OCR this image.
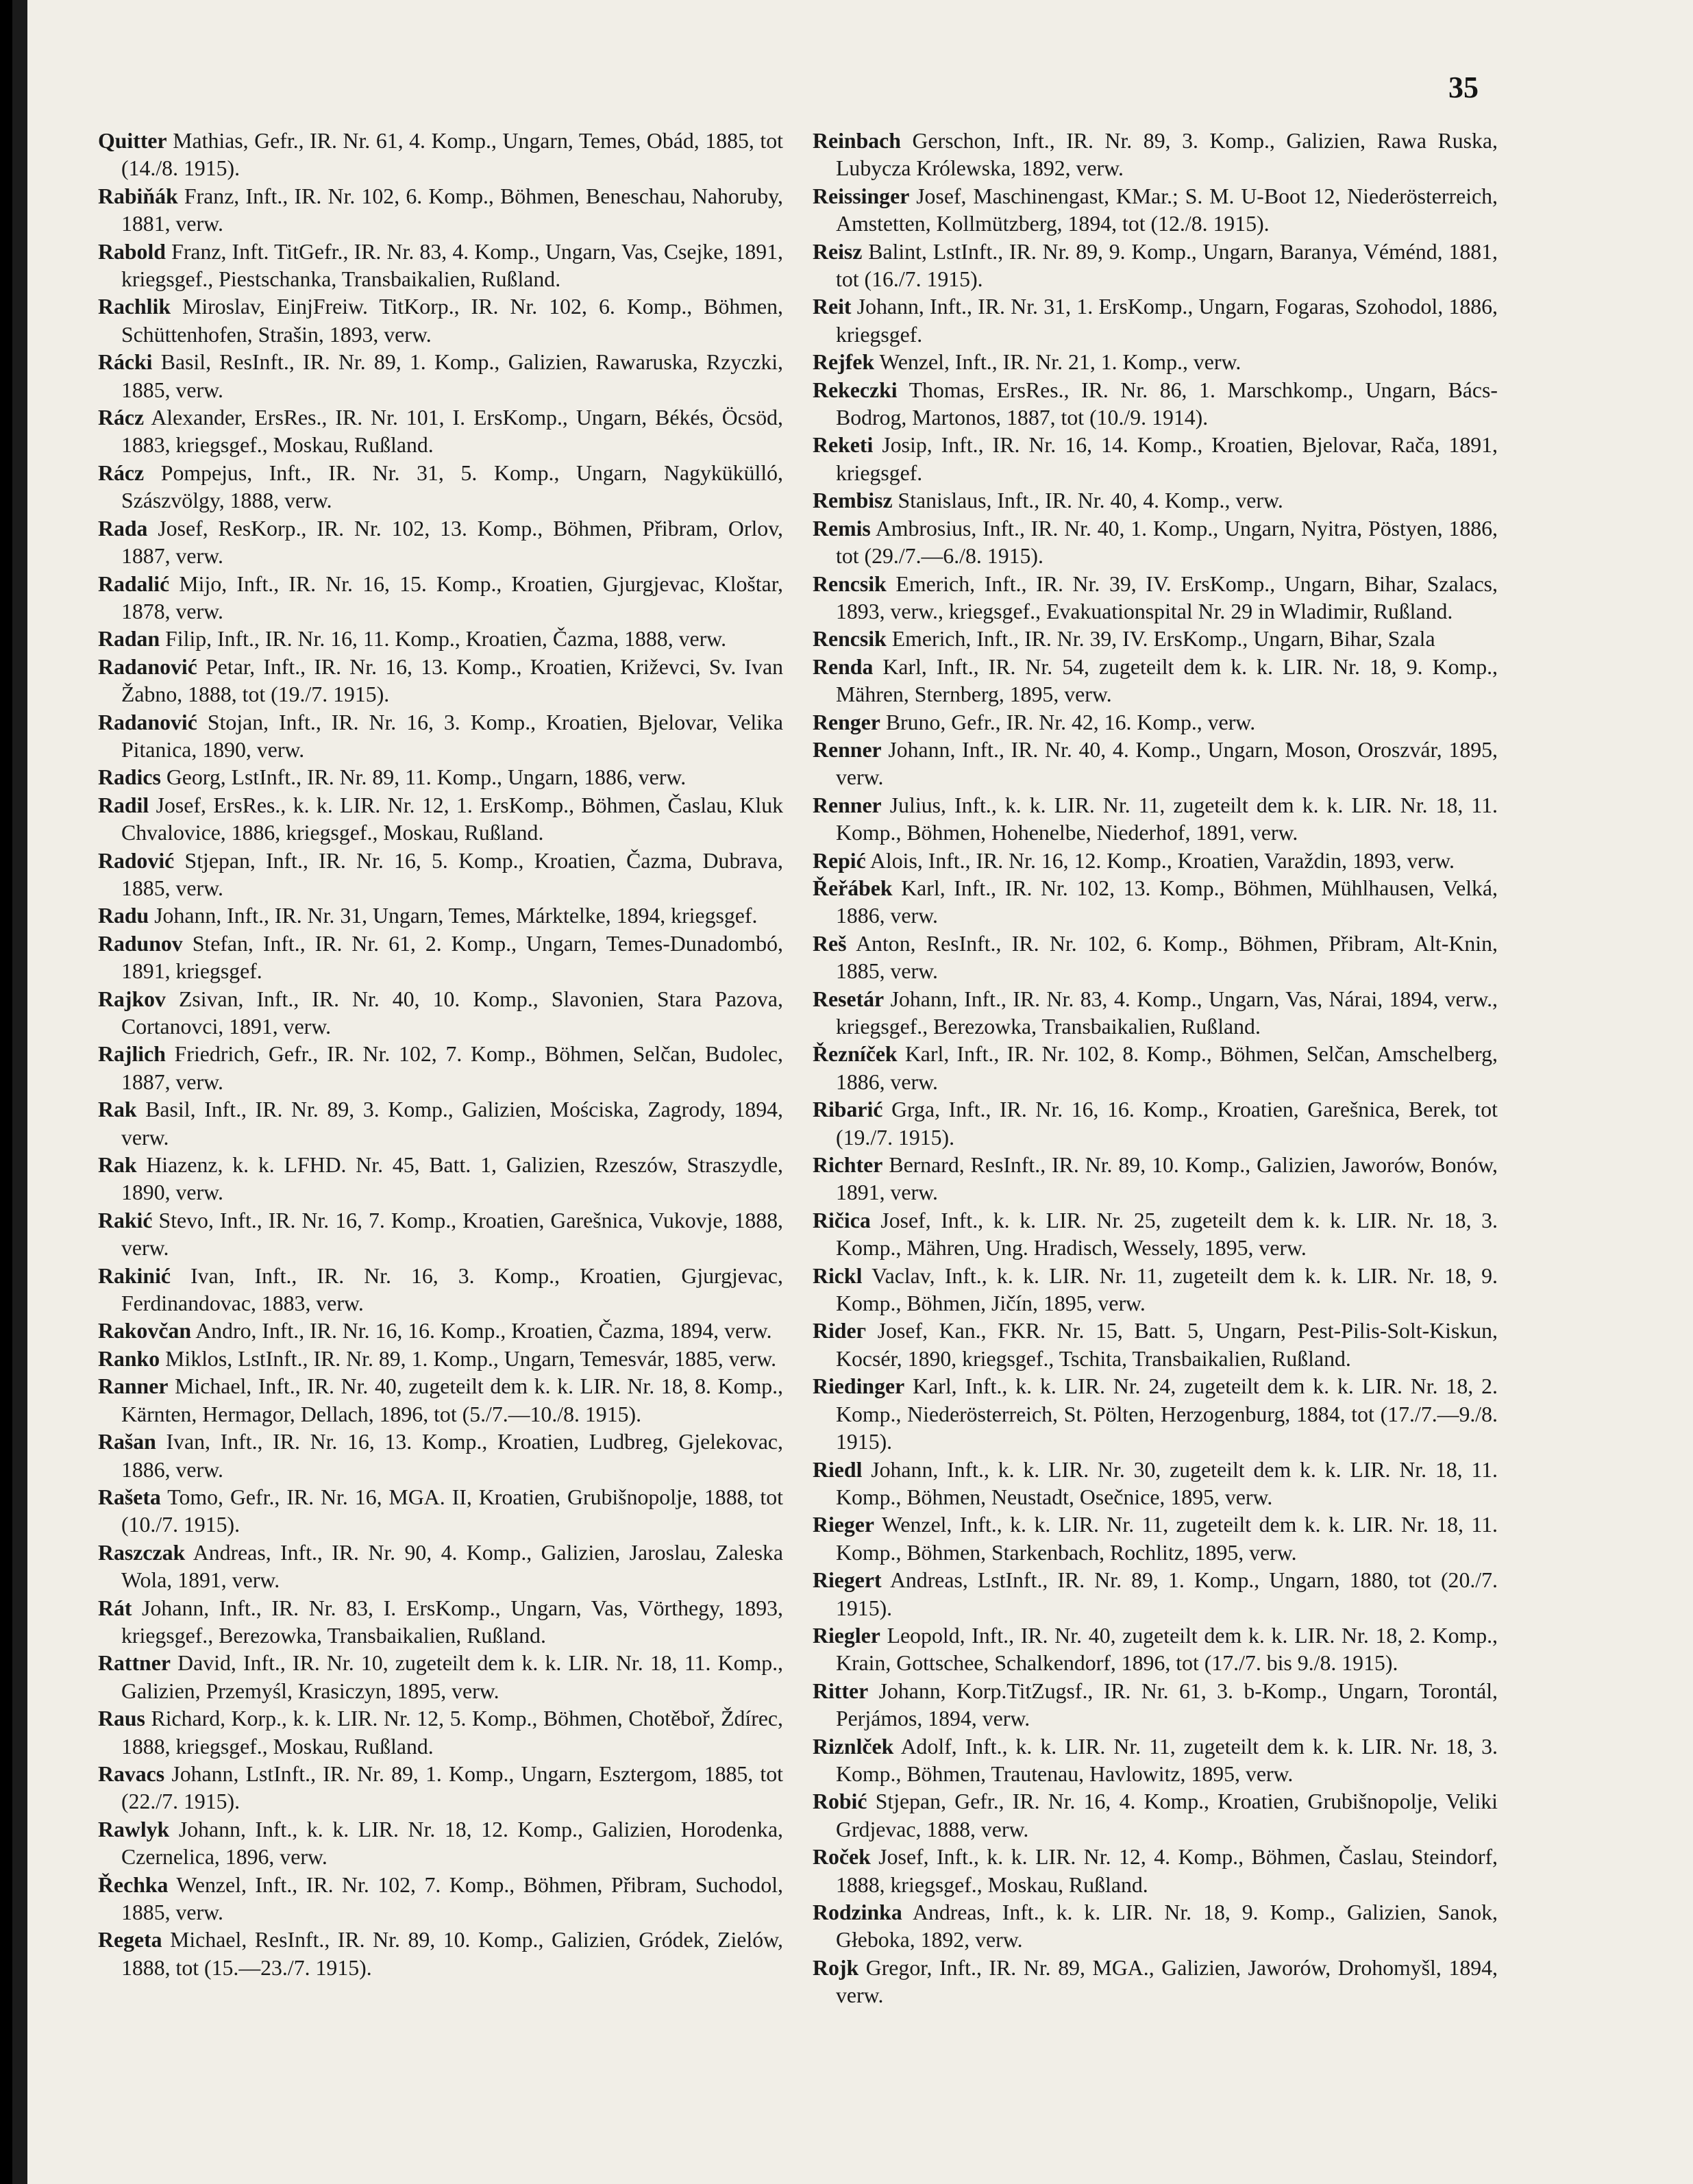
35

Quitter Mathias, Gefr., IR. Nr. 61, 4. Komp., Ungarn, Temes, Obád, 1885, tot (14./8. 1915).

Rabiňák Franz, Inft., IR. Nr. 102, 6. Komp., Böhmen, Beneschau, Nahoruby, 1881, verw.

Rabold Franz, Inft. TitGefr., IR. Nr. 83, 4. Komp., Ungarn, Vas, Csejke, 1891, kriegsgef., Piestschanka, Transbaikalien, Rußland.

Rachlik Miroslav, EinjFreiw. TitKorp., IR. Nr. 102, 6. Komp., Böhmen, Schüttenhofen, Strašin, 1893, verw.

Rácki Basil, ResInft., IR. Nr. 89, 1. Komp., Galizien, Rawaruska, Rzyczki, 1885, verw.

Rácz Alexander, ErsRes., IR. Nr. 101, I. ErsKomp., Ungarn, Békés, Öcsöd, 1883, kriegsgef., Moskau, Rußland.

Rácz Pompejus, Inft., IR. Nr. 31, 5. Komp., Ungarn, Nagykükülló, Szászvölgy, 1888, verw.

Rada Josef, ResKorp., IR. Nr. 102, 13. Komp., Böhmen, Přibram, Orlov, 1887, verw.

Radalić Mijo, Inft., IR. Nr. 16, 15. Komp., Kroatien, Gjurgjevac, Kloštar, 1878, verw.

Radan Filip, Inft., IR. Nr. 16, 11. Komp., Kroatien, Čazma, 1888, verw.

Radanović Petar, Inft., IR. Nr. 16, 13. Komp., Kroatien, Križevci, Sv. Ivan Žabno, 1888, tot (19./7. 1915).

Radanović Stojan, Inft., IR. Nr. 16, 3. Komp., Kroatien, Bjelovar, Velika Pitanica, 1890, verw.

Radics Georg, LstInft., IR. Nr. 89, 11. Komp., Ungarn, 1886, verw.

Radil Josef, ErsRes., k. k. LIR. Nr. 12, 1. ErsKomp., Böhmen, Časlau, Kluk Chvalovice, 1886, kriegsgef., Moskau, Rußland.

Radović Stjepan, Inft., IR. Nr. 16, 5. Komp., Kroatien, Čazma, Dubrava, 1885, verw.

Radu Johann, Inft., IR. Nr. 31, Ungarn, Temes, Márktelke, 1894, kriegsgef.

Radunov Stefan, Inft., IR. Nr. 61, 2. Komp., Ungarn, Temes-Dunadombó, 1891, kriegsgef.

Rajkov Zsivan, Inft., IR. Nr. 40, 10. Komp., Slavonien, Stara Pazova, Cortanovci, 1891, verw.

Rajlich Friedrich, Gefr., IR. Nr. 102, 7. Komp., Böhmen, Selčan, Budolec, 1887, verw.

Rak Basil, Inft., IR. Nr. 89, 3. Komp., Galizien, Mościska, Zagrody, 1894, verw.

Rak Hiazenz, k. k. LFHD. Nr. 45, Batt. 1, Galizien, Rzeszów, Straszydle, 1890, verw.

Rakić Stevo, Inft., IR. Nr. 16, 7. Komp., Kroatien, Garešnica, Vukovje, 1888, verw.

Rakinić Ivan, Inft., IR. Nr. 16, 3. Komp., Kroatien, Gjurgjevac, Ferdinandovac, 1883, verw.

Rakovčan Andro, Inft., IR. Nr. 16, 16. Komp., Kroatien, Čazma, 1894, verw.

Ranko Miklos, LstInft., IR. Nr. 89, 1. Komp., Ungarn, Temesvár, 1885, verw.

Ranner Michael, Inft., IR. Nr. 40, zugeteilt dem k. k. LIR. Nr. 18, 8. Komp., Kärnten, Hermagor, Dellach, 1896, tot (5./7.—10./8. 1915).

Rašan Ivan, Inft., IR. Nr. 16, 13. Komp., Kroatien, Ludbreg, Gjelekovac, 1886, verw.

Rašeta Tomo, Gefr., IR. Nr. 16, MGA. II, Kroatien, Grubišnopolje, 1888, tot (10./7. 1915).

Raszczak Andreas, Inft., IR. Nr. 90, 4. Komp., Galizien, Jaroslau, Zaleska Wola, 1891, verw.

Rát Johann, Inft., IR. Nr. 83, I. ErsKomp., Ungarn, Vas, Vörthegy, 1893, kriegsgef., Berezowka, Transbaikalien, Rußland.

Rattner David, Inft., IR. Nr. 10, zugeteilt dem k. k. LIR. Nr. 18, 11. Komp., Galizien, Przemyśl, Krasiczyn, 1895, verw.

Raus Richard, Korp., k. k. LIR. Nr. 12, 5. Komp., Böhmen, Chotěboř, Ždírec, 1888, kriegsgef., Moskau, Rußland.

Ravacs Johann, LstInft., IR. Nr. 89, 1. Komp., Ungarn, Esztergom, 1885, tot (22./7. 1915).

Rawlyk Johann, Inft., k. k. LIR. Nr. 18, 12. Komp., Galizien, Horodenka, Czernelica, 1896, verw.

Řechka Wenzel, Inft., IR. Nr. 102, 7. Komp., Böhmen, Přibram, Suchodol, 1885, verw.

Regeta Michael, ResInft., IR. Nr. 89, 10. Komp., Galizien, Gródek, Zielów, 1888, tot (15.—23./7. 1915).

Reinbach Gerschon, Inft., IR. Nr. 89, 3. Komp., Galizien, Rawa Ruska, Lubycza Królewska, 1892, verw.

Reissinger Josef, Maschinengast, KMar.; S. M. U-Boot 12, Niederösterreich, Amstetten, Kollmützberg, 1894, tot (12./8. 1915).

Reisz Balint, LstInft., IR. Nr. 89, 9. Komp., Ungarn, Baranya, Véménd, 1881, tot (16./7. 1915).

Reit Johann, Inft., IR. Nr. 31, 1. ErsKomp., Ungarn, Fogaras, Szohodol, 1886, kriegsgef.

Rejfek Wenzel, Inft., IR. Nr. 21, 1. Komp., verw.

Rekeczki Thomas, ErsRes., IR. Nr. 86, 1. Marschkomp., Ungarn, Bács-Bodrog, Martonos, 1887, tot (10./9. 1914).

Reketi Josip, Inft., IR. Nr. 16, 14. Komp., Kroatien, Bjelovar, Rača, 1891, kriegsgef.

Rembisz Stanislaus, Inft., IR. Nr. 40, 4. Komp., verw.

Remis Ambrosius, Inft., IR. Nr. 40, 1. Komp., Ungarn, Nyitra, Pöstyen, 1886, tot (29./7.—6./8. 1915).

Rencsik Emerich, Inft., IR. Nr. 39, IV. ErsKomp., Ungarn, Bihar, Szalacs, 1893, verw., kriegsgef., Evakuationspital Nr. 29 in Wladimir, Rußland.

Rencsik Emerich, Inft., IR. Nr. 39, IV. ErsKomp., Ungarn, Bihar, Szala

Renda Karl, Inft., IR. Nr. 54, zugeteilt dem k. k. LIR. Nr. 18, 9. Komp., Mähren, Sternberg, 1895, verw.

Renger Bruno, Gefr., IR. Nr. 42, 16. Komp., verw.

Renner Johann, Inft., IR. Nr. 40, 4. Komp., Ungarn, Moson, Oroszvár, 1895, verw.

Renner Julius, Inft., k. k. LIR. Nr. 11, zugeteilt dem k. k. LIR. Nr. 18, 11. Komp., Böhmen, Hohenelbe, Niederhof, 1891, verw.

Repić Alois, Inft., IR. Nr. 16, 12. Komp., Kroatien, Varaždin, 1893, verw.

Řeřábek Karl, Inft., IR. Nr. 102, 13. Komp., Böhmen, Mühlhausen, Velká, 1886, verw.

Reš Anton, ResInft., IR. Nr. 102, 6. Komp., Böhmen, Přibram, Alt-Knin, 1885, verw.

Resetár Johann, Inft., IR. Nr. 83, 4. Komp., Ungarn, Vas, Nárai, 1894, verw., kriegsgef., Berezowka, Transbaikalien, Rußland.

Řezníček Karl, Inft., IR. Nr. 102, 8. Komp., Böhmen, Selčan, Amschelberg, 1886, verw.

Ribarić Grga, Inft., IR. Nr. 16, 16. Komp., Kroatien, Garešnica, Berek, tot (19./7. 1915).

Richter Bernard, ResInft., IR. Nr. 89, 10. Komp., Galizien, Jaworów, Bonów, 1891, verw.

Ričica Josef, Inft., k. k. LIR. Nr. 25, zugeteilt dem k. k. LIR. Nr. 18, 3. Komp., Mähren, Ung. Hradisch, Wessely, 1895, verw.

Rickl Vaclav, Inft., k. k. LIR. Nr. 11, zugeteilt dem k. k. LIR. Nr. 18, 9. Komp., Böhmen, Jičín, 1895, verw.

Ridег Josef, Kan., FKR. Nr. 15, Batt. 5, Ungarn, Pest-Pilis-Solt-Kiskun, Kocsér, 1890, kriegsgef., Tschita, Transbaikalien, Rußland.

Riedinger Karl, Inft., k. k. LIR. Nr. 24, zugeteilt dem k. k. LIR. Nr. 18, 2. Komp., Niederösterreich, St. Pölten, Herzogenburg, 1884, tot (17./7.—9./8. 1915).

Riedl Johann, Inft., k. k. LIR. Nr. 30, zugeteilt dem k. k. LIR. Nr. 18, 11. Komp., Böhmen, Neustadt, Osečnice, 1895, verw.

Rieger Wenzel, Inft., k. k. LIR. Nr. 11, zugeteilt dem k. k. LIR. Nr. 18, 11. Komp., Böhmen, Starkenbach, Rochlitz, 1895, verw.

Riegert Andreas, LstInft., IR. Nr. 89, 1. Komp., Ungarn, 1880, tot (20./7. 1915).

Riegler Leopold, Inft., IR. Nr. 40, zugeteilt dem k. k. LIR. Nr. 18, 2. Komp., Krain, Gottschee, Schalkendorf, 1896, tot (17./7. bis 9./8. 1915).

Ritter Johann, Korp.TitZugsf., IR. Nr. 61, 3. b-Komp., Ungarn, Torontál, Perjámos, 1894, verw.

Riznlček Adolf, Inft., k. k. LIR. Nr. 11, zugeteilt dem k. k. LIR. Nr. 18, 3. Komp., Böhmen, Trautenau, Havlowitz, 1895, verw.

Robić Stjepan, Gefr., IR. Nr. 16, 4. Komp., Kroatien, Grubišnopolje, Veliki Grdjevac, 1888, verw.

Roček Josef, Inft., k. k. LIR. Nr. 12, 4. Komp., Böhmen, Časlau, Steindorf, 1888, kriegsgef., Moskau, Rußland.

Rodzinka Andreas, Inft., k. k. LIR. Nr. 18, 9. Komp., Galizien, Sanok, Głeboka, 1892, verw.

Rojk Gregor, Inft., IR. Nr. 89, MGA., Galizien, Jaworów, Drohomyšl, 1894, verw.
